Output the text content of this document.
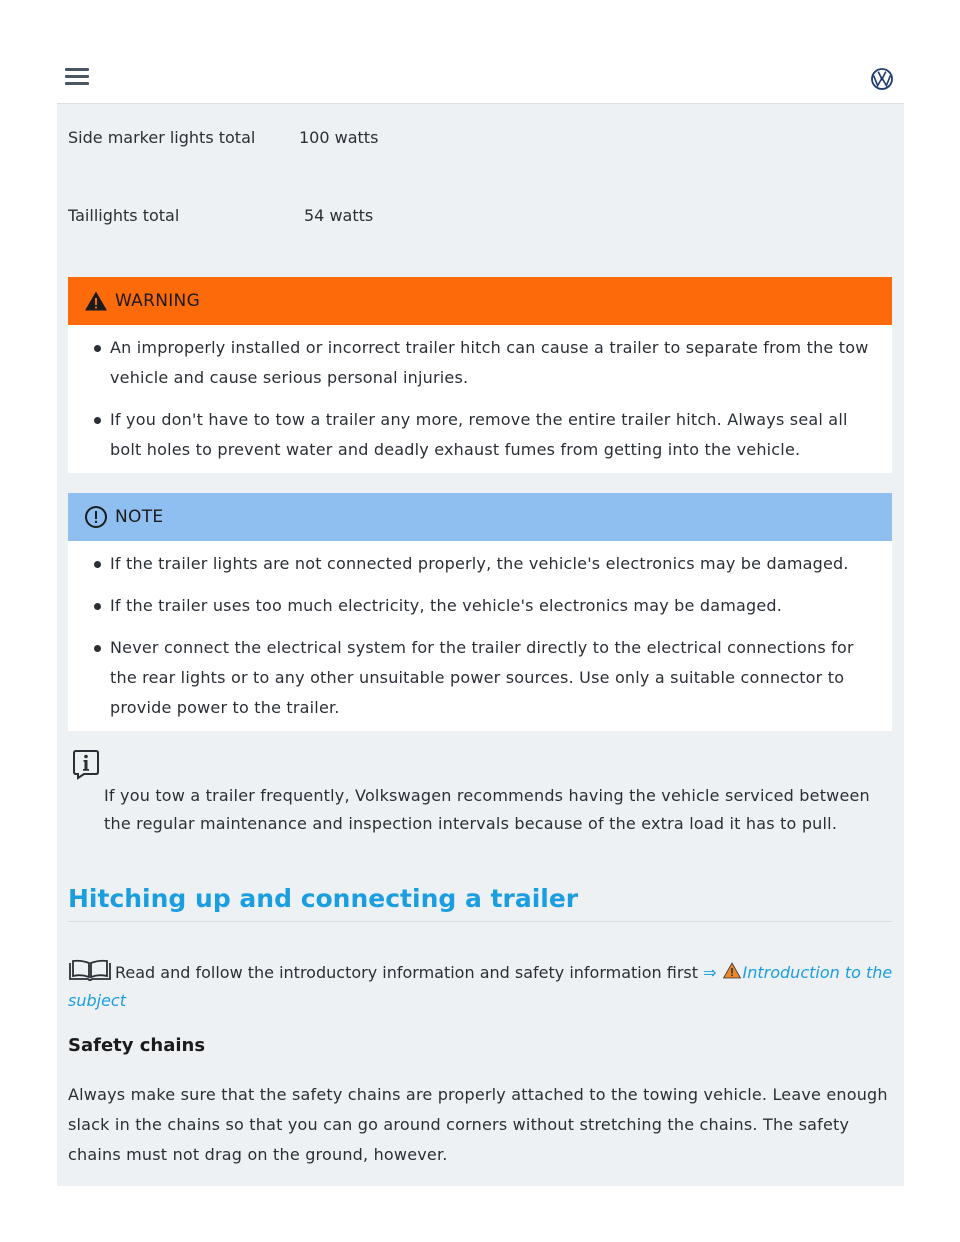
Side marker lights total	100 watts
Taillights total	54 watts
WARNING
An improperly installed or incorrect trailer hitch can cause a trailer to separate from the tow vehicle and cause serious personal injuries.
If you don't have to tow a trailer any more, remove the entire trailer hitch. Always seal all bolt holes to prevent water and deadly exhaust fumes from getting into the vehicle.
NOTE
If the trailer lights are not connected properly, the vehicle's electronics may be damaged.
If the trailer uses too much electricity, the vehicle's electronics may be damaged.
Never connect the electrical system for the trailer directly to the electrical connections for the rear lights or to any other unsuitable power sources. Use only a suitable connector to provide power to the trailer.
If you tow a trailer frequently, Volkswagen recommends having the vehicle serviced between the regular maintenance and inspection intervals because of the extra load it has to pull.
Hitching up and connecting a trailer
Read and follow the introductory information and safety information first ⇒ Introduction to the subject
Safety chains

Always make sure that the safety chains are properly attached to the towing vehicle. Leave enough slack in the chains so that you can go around corners without stretching the chains. The safety chains must not drag on the ground, however.
